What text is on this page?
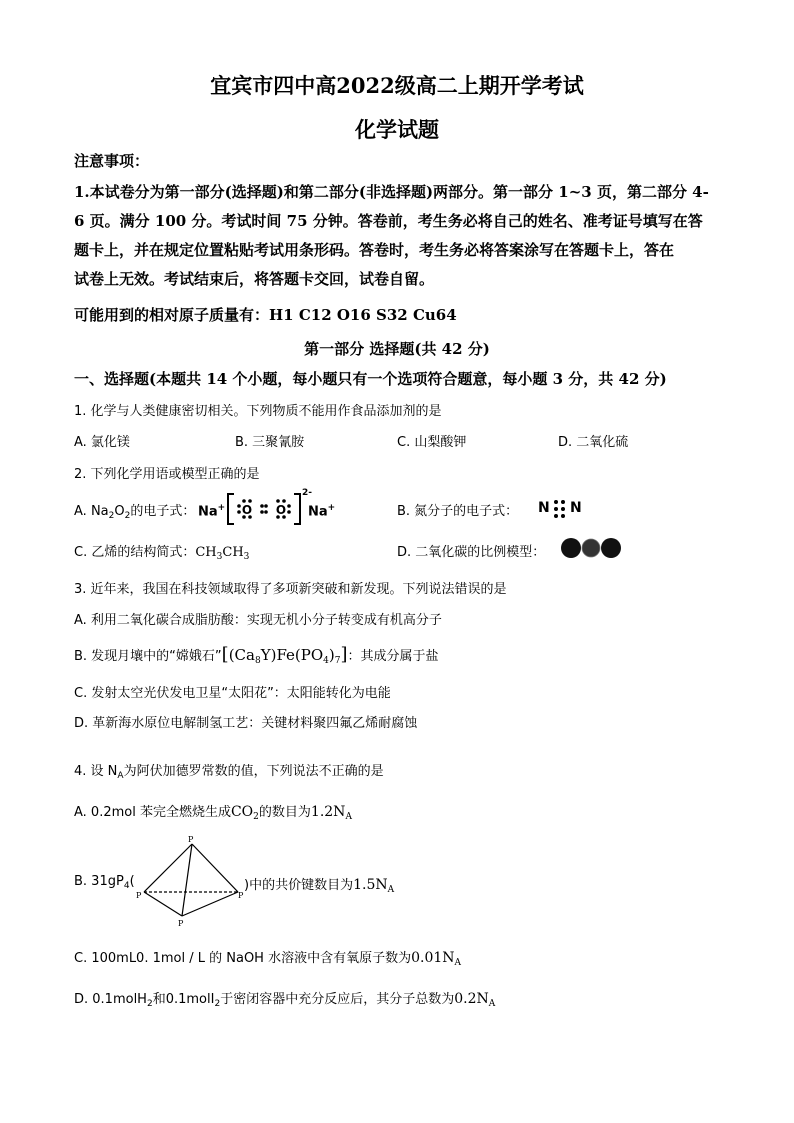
宜宾市四中高2022级高二上期开学考试
化学试题
注意事项：
1.本试卷分为第一部分(选择题)和第二部分(非选择题)两部分。第一部分 1~3 页，第二部分 4-
6 页。满分 100 分。考试时间 75 分钟。答卷前，考生务必将自己的姓名、准考证号填写在答
题卡上，并在规定位置粘贴考试用条形码。答卷时，考生务必将答案涂写在答题卡上，答在
试卷上无效。考试结束后，将答题卡交回，试卷自留。
可能用到的相对原子质量有：H1 C12 O16 S32 Cu64
第一部分 选择题(共 42 分)
一、选择题(本题共 14 个小题，每小题只有一个选项符合题意，每小题 3 分，共 42 分)
1. 化学与人类健康密切相关。下列物质不能用作食品添加剂的是
A. 氯化镁	B. 三聚氰胺	C. 山梨酸钾	D. 二氧化硫
2. 下列化学用语或模型正确的是
A. $Na_2O_2$的电子式： Na+ O O
2-
Na+	B. 氮分子的电子式： N N
C. 乙烯的结构简式：$CH_3CH_3$	D. 二氧化碳的比例模型：
3. 近年来，我国在科技领域取得了多项新突破和新发现。下列说法错误的是
A. 利用二氧化碳合成脂肪酸：实现无机小分子转变成有机高分子
B. 发现月壤中的“嫦娥石$”[(Ca_8Y)Fe(PO_4)_7]$：其成分属于盐
C. 发射太空光伏发电卫星“太阳花”：太阳能转化为电能
D. 革新海水原位电解制氢工艺：关键材料聚四氟乙烯耐腐蚀
4. 设 $N_A$为阿伏加德罗常数的值，下列说法不正确的是
A. 0.2mol 苯完全燃烧生成$CO_2$的数目为$1.2N_A$
B. $31gP_4$(
P
P	P
P
)中的共价键数目为$1.5N_A$
C. 100mL0. 1mol / L 的 NaOH 水溶液中含有氧原子数为$0.01N_A$
D. 0.1molH$_2$和0.1molI$_2$于密闭容器中充分反应后，其分子总数为$0.2N_A$
